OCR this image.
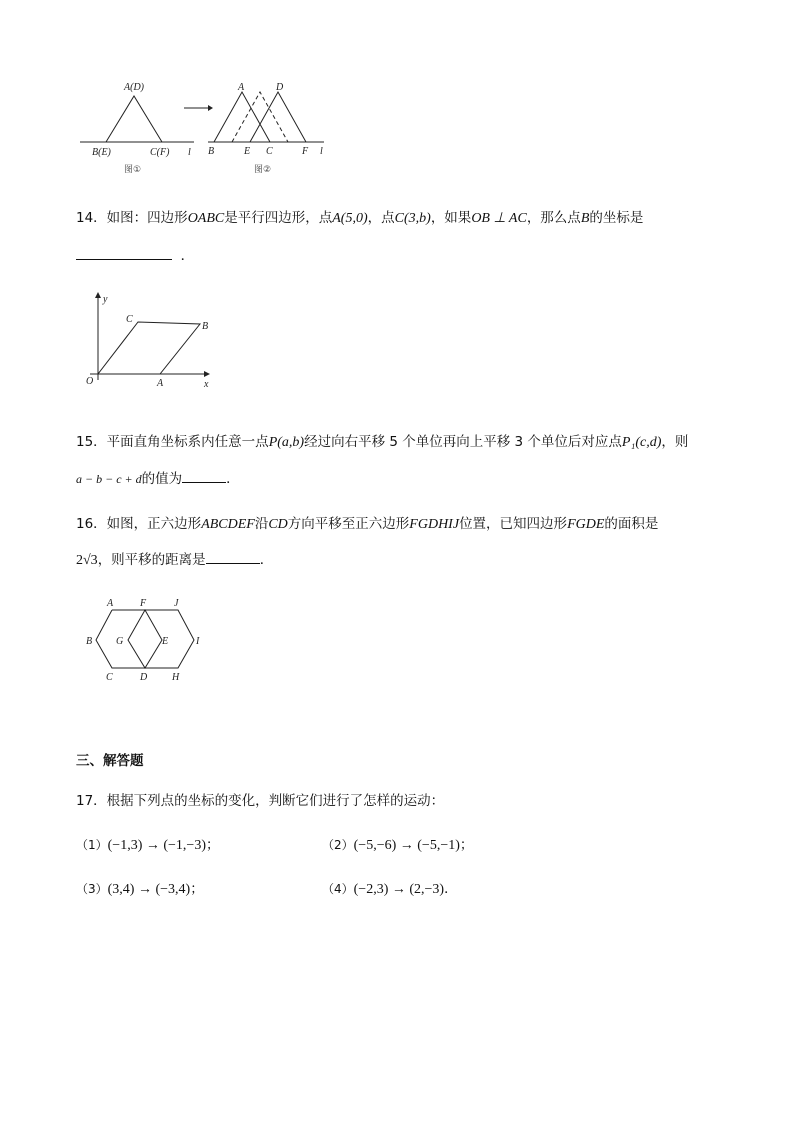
A(D)
B(E)	C(F) l
图①
A	D
B	E C	F l
图②
14．如图：四边形OABC是平行四边形，点A(5,0)，点C(3,b)，如果OB ⊥ AC，那么点B的坐标是
．
y
x
O	A
B
C
15．平面直角坐标系内任意一点P(a,b)经过向右平移 5 个单位再向上平移 3 个单位后对应点P₁(c,d)，则
a − b − c + d的值为	．
16．如图，正六边形ABCDEF沿CD方向平移至正六边形FGDHIJ位置，已知四边形FGDE的面积是
2√3，则平移的距离是	．
A	F	J
B G	E	I
C	D H
三、解答题
17．根据下列点的坐标的变化，判断它们进行了怎样的运动：
（1）(−1,3) → (−1,−3)；	（2）(−5,−6) → (−5,−1)；
（3）(3,4) → (−3,4)；	（4）(−2,3) → (2,−3)．
